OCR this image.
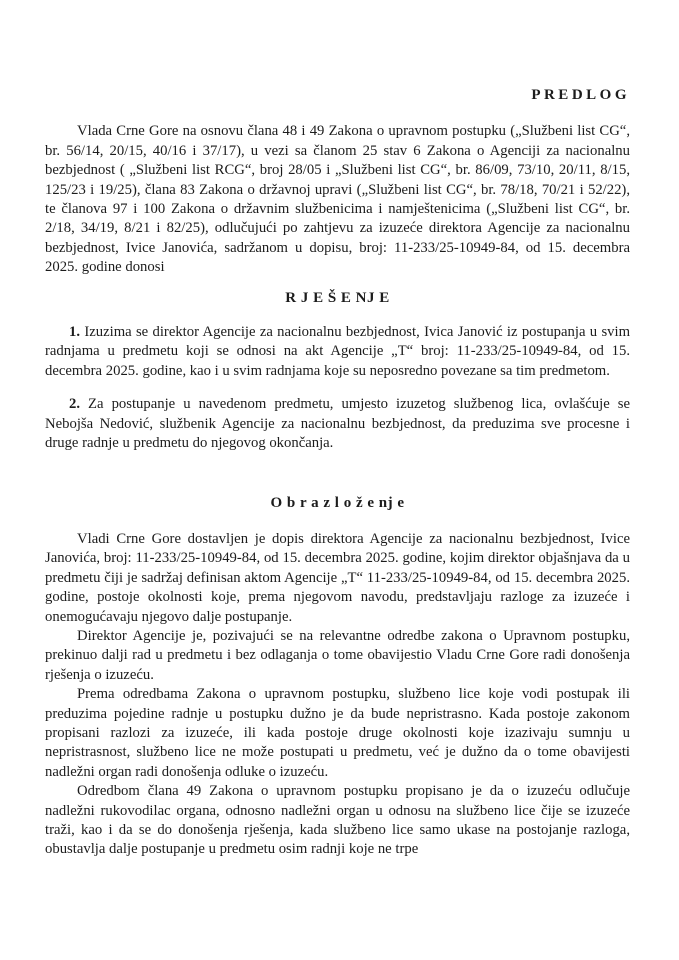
PREDLOG

Vlada Crne Gore na osnovu člana 48 i 49 Zakona o upravnom postupku („Službeni list CG“, br. 56/14, 20/15, 40/16 i 37/17), u vezi sa članom 25 stav 6 Zakona o Agenciji za nacionalnu bezbjednost ( „Službeni list RCG“, broj 28/05 i „Službeni list CG“, br. 86/09, 73/10, 20/11, 8/15, 125/23 i 19/25), člana 83 Zakona o državnoj upravi („Službeni list CG“, br. 78/18, 70/21 i 52/22), te članova 97 i 100 Zakona o državnim službenicima i namještenicima („Službeni list CG“, br. 2/18, 34/19, 8/21 i 82/25), odlučujući po zahtjevu za izuzeće direktora Agencije za nacionalnu bezbjednost, Ivice Janovića, sadržanom u dopisu, broj: 11-233/25-10949-84, od 15. decembra 2025. godine donosi

R J E Š E NJ E

1. Izuzima se direktor Agencije za nacionalnu bezbjednost, Ivica Janović iz postupanja u svim radnjama u predmetu koji se odnosi na akt Agencije „T“ broj: 11-233/25-10949-84, od 15. decembra 2025. godine, kao i u svim radnjama koje su neposredno povezane sa tim predmetom.

2. Za postupanje u navedenom predmetu, umjesto izuzetog službenog lica, ovlašćuje se Nebojša Nedović, službenik Agencije za nacionalnu bezbjednost, da preduzima sve procesne i druge radnje u predmetu do njegovog okončanja.

O b r a z l o ž e nj e

Vladi Crne Gore dostavljen je dopis direktora Agencije za nacionalnu bezbjednost, Ivice Janovića, broj: 11-233/25-10949-84, od 15. decembra 2025. godine, kojim direktor objašnjava da u predmetu čiji je sadržaj definisan aktom Agencije „T“ 11-233/25-10949-84, od 15. decembra 2025. godine, postoje okolnosti koje, prema njegovom navodu, predstavljaju razloge za izuzeće i onemogućavaju njegovo dalje postupanje.

Direktor Agencije je, pozivajući se na relevantne odredbe zakona o Upravnom postupku, prekinuo dalji rad u predmetu i bez odlaganja o tome obavijestio Vladu Crne Gore radi donošenja rješenja o izuzeću.

Prema odredbama Zakona o upravnom postupku, službeno lice koje vodi postupak ili preduzima pojedine radnje u postupku dužno je da bude nepristrasno. Kada postoje zakonom propisani razlozi za izuzeće, ili kada postoje druge okolnosti koje izazivaju sumnju u nepristrasnost, službeno lice ne može postupati u predmetu, već je dužno da o tome obavijesti nadležni organ radi donošenja odluke o izuzeću.

Odredbom člana 49 Zakona o upravnom postupku propisano je da o izuzeću odlučuje nadležni rukovodilac organa, odnosno nadležni organ u odnosu na službeno lice čije se izuzeće traži, kao i da se do donošenja rješenja, kada službeno lice samo ukase na postojanje razloga, obustavlja dalje postupanje u predmetu osim radnji koje ne trpe
